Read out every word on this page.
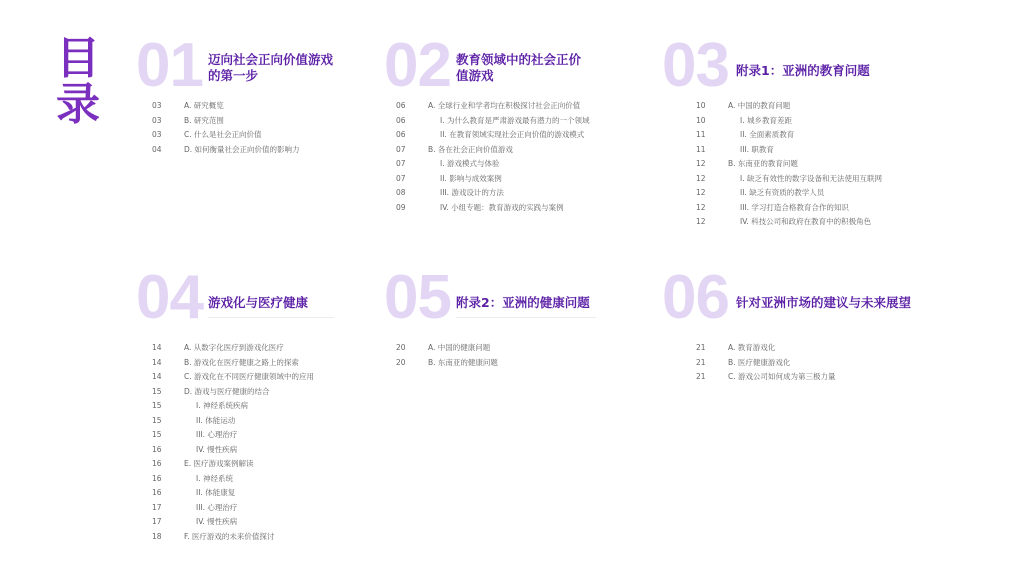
目
录
01 迈向社会正向价值游戏
的第一步
03	A. 研究概览
03	B. 研究范围
03	C. 什么是社会正向价值
04	D. 如何衡量社会正向价值的影响力
02 教育领域中的社会正价
值游戏
06	A. 全球行业和学者均在积极探讨社会正向价值
06	I. 为什么教育是严肃游戏最有潜力的一个领域
06	II. 在教育领域实现社会正向价值的游戏模式
07	B. 各在社会正向价值游戏
07	I. 游戏模式与体验
07	II. 影响与成效案例
08	III. 游戏设计的方法
09	IV. 小组专题：教育游戏的实践与案例
03 附录1：亚洲的教育问题
10	A. 中国的教育问题
10	I. 城乡教育差距
11	II. 全面素质教育
11	III. 职教育
12	B. 东南亚的教育问题
12	I. 缺乏有效性的数字设备和无法使用互联网
12	II. 缺乏有资质的教学人员
12	III. 学习打造合格教育合作的知识
12	IV. 科技公司和政府在教育中的积极角色
04 游戏化与医疗健康
14	A. 从数字化医疗到游戏化医疗
14	B. 游戏化在医疗健康之路上的探索
14	C. 游戏化在不同医疗健康领域中的应用
15	D. 游戏与医疗健康的结合
15	I. 神经系统疾病
15	II. 体能运动
15	III. 心理治疗
16	IV. 慢性疾病
16	E. 医疗游戏案例解读
16	I. 神经系统
16	II. 体能康复
17	III. 心理治疗
17	IV. 慢性疾病
18	F. 医疗游戏的未来价值探讨
05 附录2：亚洲的健康问题
20	A. 中国的健康问题
20	B. 东南亚的健康问题
06 针对亚洲市场的建议与未来展望
21	A. 教育游戏化
21	B. 医疗健康游戏化
21	C. 游戏公司如何成为第三极力量
